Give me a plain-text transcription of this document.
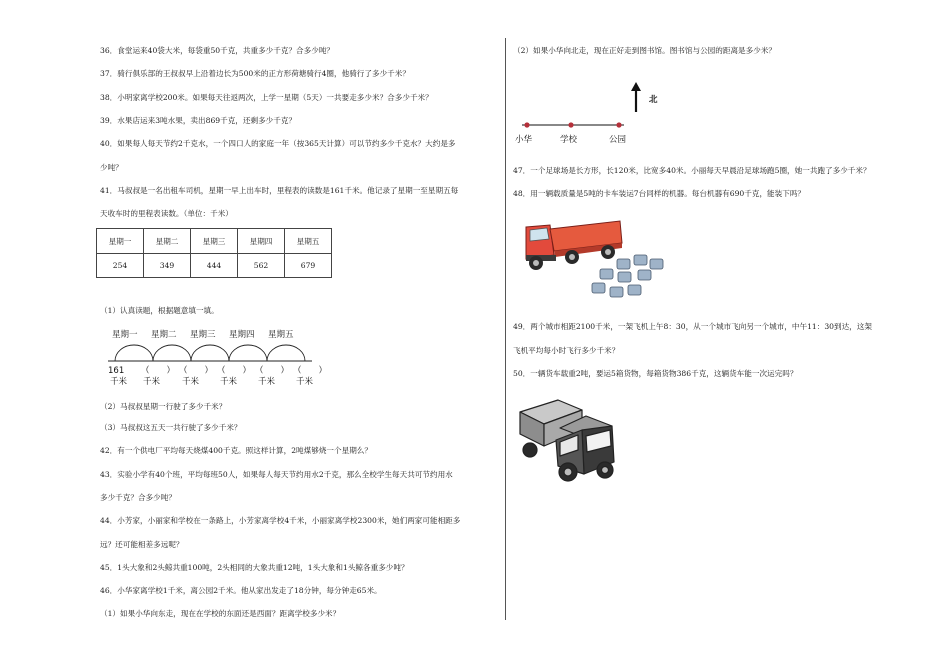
36．食堂运来40袋大米，每袋重50千克，共重多少千克？合多少吨？
37．骑行俱乐部的王叔叔早上沿着边长为500米的正方形荷塘骑行4圈，他骑行了多少千米？
38．小明家离学校200米。如果每天往返两次，上学一星期（5天）一共要走多少米？合多少千米？
39．水果店运来3吨水果，卖出869千克，还剩多少千克？
40．如果每人每天节约2千克水，一个四口人的家庭一年（按365天计算）可以节约多少千克水？大约是多
少吨？
41．马叔叔是一名出租车司机，星期一早上出车时，里程表的读数是161千米。他记录了星期一至星期五每
天收车时的里程表读数。（单位：千米）
星期一	星期二	星期三	星期四	星期五
254	349	444	562	679
（1）认真读题，根据题意填一填。
星期一 星期二 星期三 星期四 星期五
161
千米
（　　）
千米
（　　）
千米
（　　）
千米
（　　）
千米
（　　）
千米
（2）马叔叔星期一行驶了多少千米？
（3）马叔叔这五天一共行驶了多少千米？
42．有一个供电厂平均每天烧煤400千克。照这样计算，2吨煤够烧一个星期么？
43．实验小学有40个班，平均每班50人，如果每人每天节约用水2千克，那么全校学生每天共可节约用水
多少千克？合多少吨？
44．小芳家，小丽家和学校在一条路上，小芳家离学校4千米，小丽家离学校2300米，她们两家可能相距多
远？还可能相差多远呢？
45．1头大象和2头鲸共重100吨，2头相同的大象共重12吨，1头大象和1头鲸各重多少吨？
46．小华家离学校1千米，离公园2千米。他从家出发走了18分钟，每分钟走65米。
（1）如果小华向东走，现在在学校的东面还是西面？距离学校多少米？
（2）如果小华向北走，现在正好走到图书馆。图书馆与公园的距离是多少米？
北
小华	学校	公园
47．一个足球场是长方形，长120米，比宽多40米。小丽每天早晨沿足球场跑5圈，她一共跑了多少千米？
48．用一辆载质量是5吨的卡车装运7台同样的机器。每台机器有690千克，能装下吗？
49．两个城市相距2100千米，一架飞机上午8：30，从一个城市飞向另一个城市，中午11：30到达，这架
飞机平均每小时飞行多少千米？
50．一辆货车载重2吨，要运5箱货物，每箱货物386千克，这辆货车能一次运完吗？
